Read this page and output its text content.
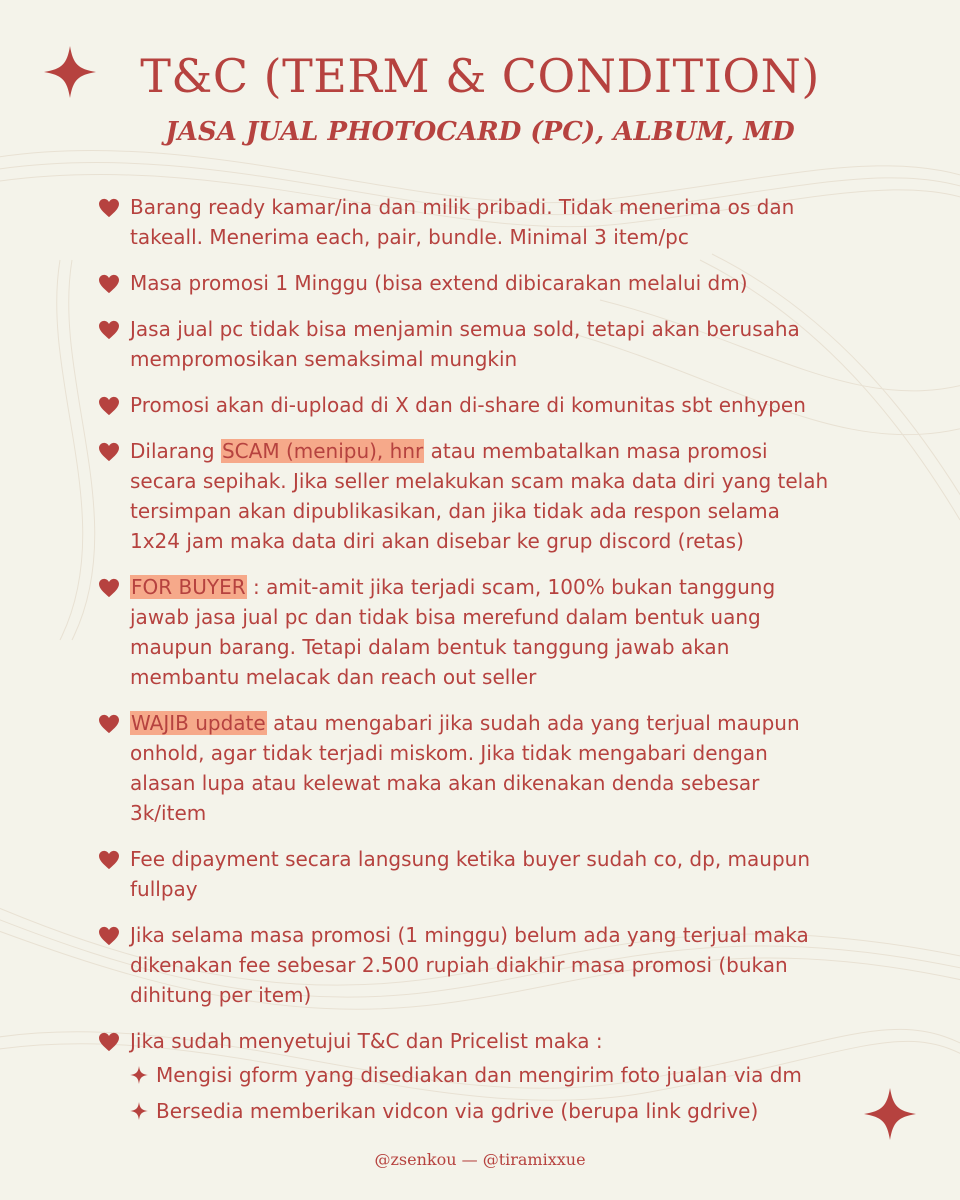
T&C (TERM & CONDITION)
JASA JUAL PHOTOCARD (PC), ALBUM, MD
Barang ready kamar/ina dan milik pribadi. Tidak menerima os dan takeall. Menerima each, pair, bundle. Minimal 3 item/pc
Masa promosi 1 Minggu (bisa extend dibicarakan melalui dm)
Jasa jual pc tidak bisa menjamin semua sold, tetapi akan berusaha mempromosikan semaksimal mungkin
Promosi akan di-upload di X dan di-share di komunitas sbt enhypen
Dilarang SCAM (menipu), hnr atau membatalkan masa promosi secara sepihak. Jika seller melakukan scam maka data diri yang telah tersimpan akan dipublikasikan, dan jika tidak ada respon selama 1x24 jam maka data diri akan disebar ke grup discord (retas)
FOR BUYER : amit-amit jika terjadi scam, 100% bukan tanggung jawab jasa jual pc dan tidak bisa merefund dalam bentuk uang maupun barang. Tetapi dalam bentuk tanggung jawab akan membantu melacak dan reach out seller
WAJIB update atau mengabari jika sudah ada yang terjual maupun onhold, agar tidak terjadi miskom. Jika tidak mengabari dengan alasan lupa atau kelewat maka akan dikenakan denda sebesar 3k/item
Fee dipayment secara langsung ketika buyer sudah co, dp, maupun fullpay
Jika selama masa promosi (1 minggu) belum ada yang terjual maka dikenakan fee sebesar 2.500 rupiah diakhir masa promosi (bukan dihitung per item)
Jika sudah menyetujui T&C dan Pricelist maka :
Mengisi gform yang disediakan dan mengirim foto jualan via dm
Bersedia memberikan vidcon via gdrive (berupa link gdrive)
@zsenkou — @tiramixxue
